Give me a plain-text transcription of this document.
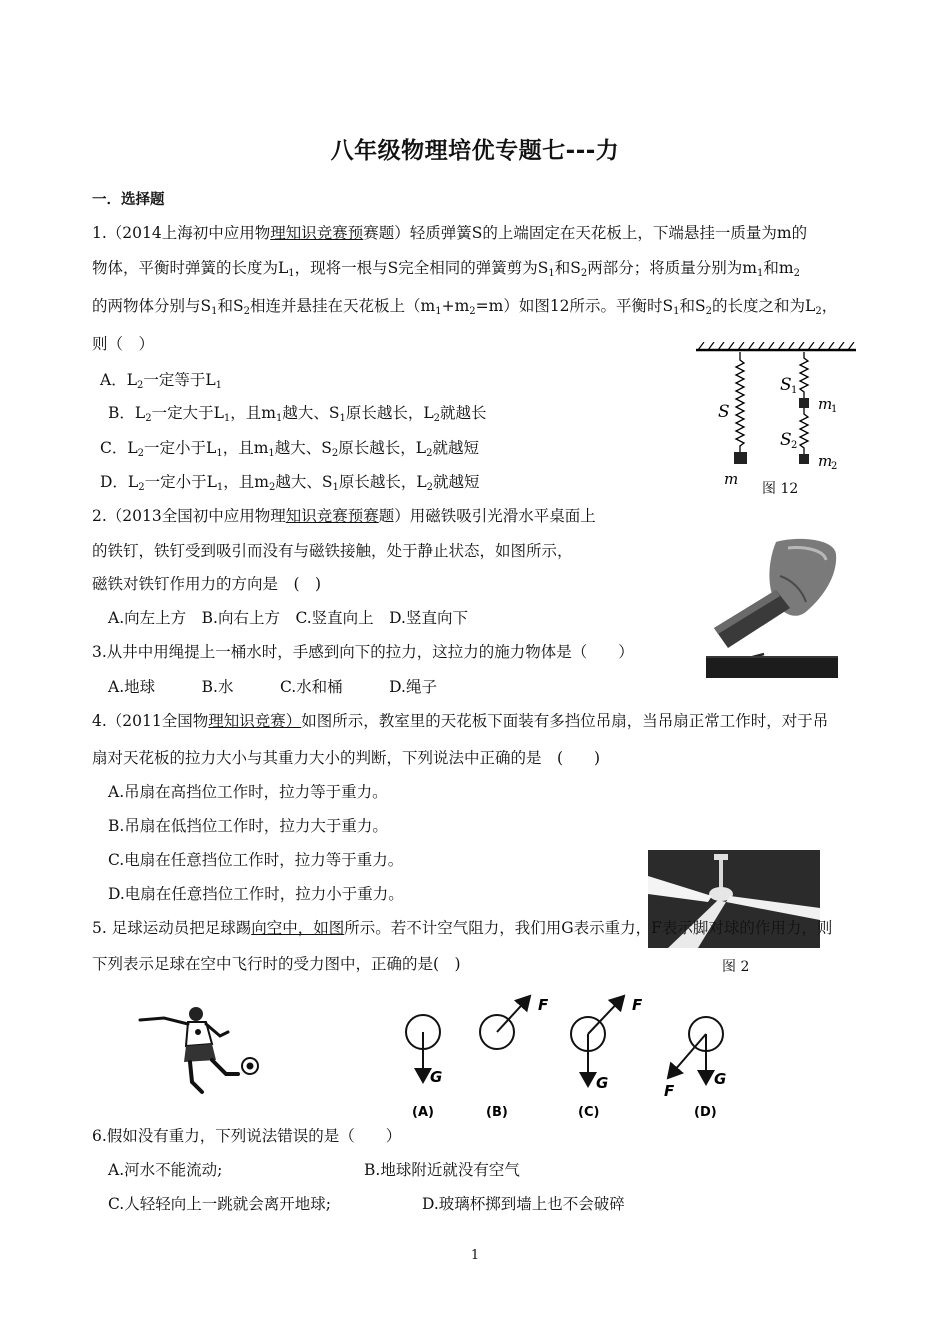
八年级物理培优专题七---力
一．选择题
1.（2014上海初中应用物理知识竞赛预赛题）轻质弹簧S的上端固定在天花板上，下端悬挂一质量为m的
物体，平衡时弹簧的长度为$L_1$，现将一根与S完全相同的弹簧剪为$S_1$和$S_2$两部分；将质量分别为$m_1$和$m_2$
的两物体分别与$S_1$和$S_2$相连并悬挂在天花板上$(m_1+m_2=m)$如图12所示。平衡时$S_1$和$S_2$的长度之和为$L_2$，
则（　）
A．$L_2$一定等于$L_1$
B．$L_2$一定大于$L_1$，且$m_1$越大、$S_1$原长越长，$L_2$就越长
C．$L_2$一定小于$L_1$，且$m_1$越大、$S_2$原长越长，$L_2$就越短
D．$L_2$一定小于$L_1$，且$m_2$越大、$S_1$原长越长，$L_2$就越短
S
S 1
S 2
m
1
m
2
m
图 12
2.（2013全国初中应用物理知识竞赛预赛题）用磁铁吸引光滑水平桌面上
的铁钉，铁钉受到吸引而没有与磁铁接触，处于静止状态，如图所示，
磁铁对铁钉作用力的方向是　(　)
A.向左上方　B.向右上方　C.竖直向上　D.竖直向下
3.从井中用绳提上一桶水时，手感到向下的拉力，这拉力的施力物体是（　　）
A.地球　　　B.水　　　C.水和桶　　　D.绳子
4.（2011全国物理知识竞赛）如图所示，教室里的天花板下面装有多挡位吊扇，当吊扇正常工作时，对于吊
扇对天花板的拉力大小与其重力大小的判断，下列说法中正确的是　(　　)
A.吊扇在高挡位工作时，拉力等于重力。
B.吊扇在低挡位工作时，拉力大于重力。
C.电扇在任意挡位工作时，拉力等于重力。
D.电扇在任意挡位工作时，拉力小于重力。
图 2
5. 足球运动员把足球踢向空中，如图所示。若不计空气阻力，我们用G表示重力，F表示脚对球的作用力，则
下列表示足球在空中飞行时的受力图中，正确的是(　)
G
(A)
F
(B)
F
G
(C)
F
G
(D)
6.假如没有重力，下列说法错误的是（　　）
A.河水不能流动;	B.地球附近就没有空气
C.人轻轻向上一跳就会离开地球;	D.玻璃杯掷到墙上也不会破碎
1
